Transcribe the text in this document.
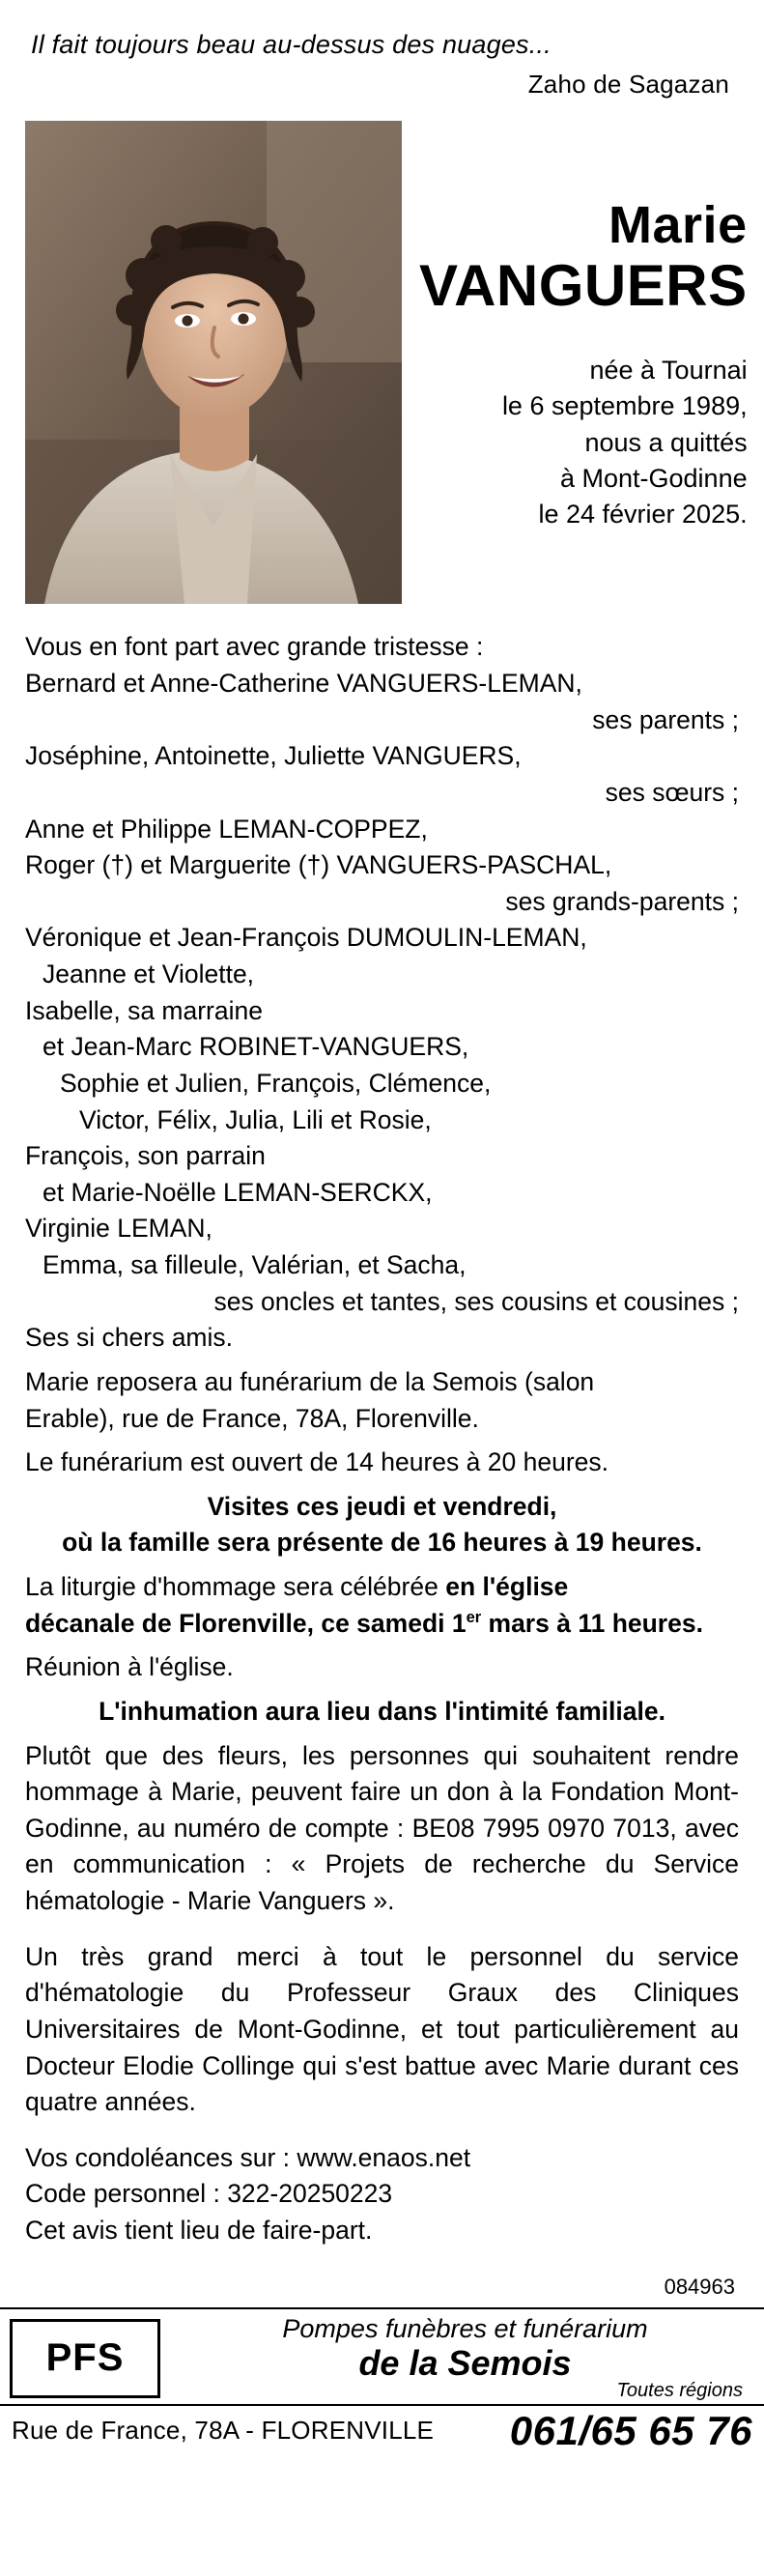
Il fait toujours beau au-dessus des nuages...
Zaho de Sagazan
Marie
VANGUERS
née à Tournai
le 6 septembre 1989,
nous a quittés
à Mont-Godinne
le 24 février 2025.

Vous en font part avec grande tristesse :

Bernard et Anne-Catherine VANGUERS-LEMAN,
ses parents ;
Joséphine, Antoinette, Juliette VANGUERS,
ses sœurs ;
Anne et Philippe LEMAN-COPPEZ,
Roger (†) et Marguerite (†) VANGUERS-PASCHAL,
ses grands-parents ;
Véronique et Jean-François DUMOULIN-LEMAN,
Jeanne et Violette,
Isabelle, sa marraine
et Jean-Marc ROBINET-VANGUERS,
Sophie et Julien, François, Clémence,
Victor, Félix, Julia, Lili et Rosie,
François, son parrain
et Marie-Noëlle LEMAN-SERCKX,
Virginie LEMAN,
Emma, sa filleule, Valérian, et Sacha,
ses oncles et tantes, ses cousins et cousines ;
Ses si chers amis.

Marie reposera au funérarium de la Semois (salon
Erable), rue de France, 78A, Florenville.

Le funérarium est ouvert de 14 heures à 20 heures.

Visites ces jeudi et vendredi,
où la famille sera présente de 16 heures à 19 heures.

La liturgie d'hommage sera célébrée en l'église
décanale de Florenville, ce samedi 1er mars à 11 heures.

Réunion à l'église.

L'inhumation aura lieu dans l'intimité familiale.

Plutôt que des fleurs, les personnes qui souhaitent rendre hommage à Marie, peuvent faire un don à la Fondation Mont-Godinne, au numéro de compte : BE08 7995 0970 7013, avec en communication : « Projets de recherche du Service hématologie - Marie Vanguers ».

Un très grand merci à tout le personnel du service d'hématologie du Professeur Graux des Cliniques Universitaires de Mont-Godinne, et tout particulièrement au Docteur Elodie Collinge qui s'est battue avec Marie durant ces quatre années.

Vos condoléances sur : www.enaos.net
Code personnel : 322-20250223
Cet avis tient lieu de faire-part.

084963
PFS
Pompes funèbres et funérarium
de la Semois
Toutes régions
Rue de France, 78A - FLORENVILLE 061/65 65 76
